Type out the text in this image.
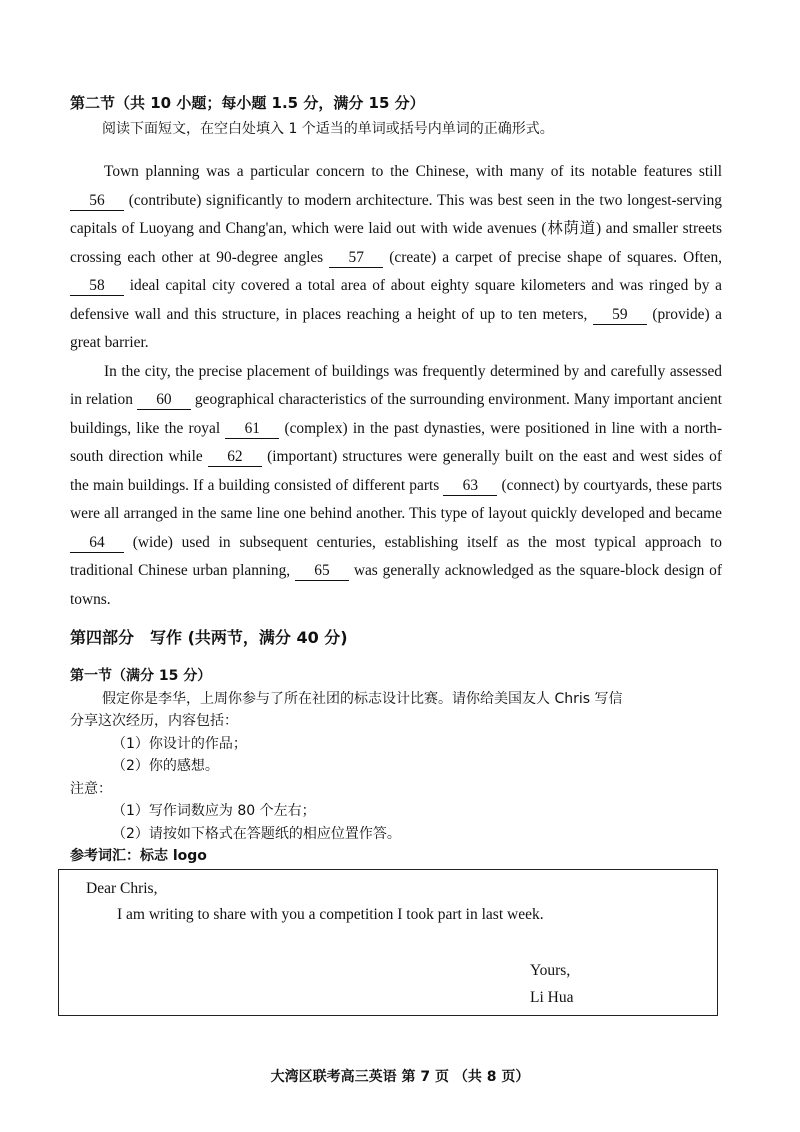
第二节（共 10 小题；每小题 1.5 分，满分 15 分）
阅读下面短文，在空白处填入 1 个适当的单词或括号内单词的正确形式。

Town planning was a particular concern to the Chinese, with many of its notable features still 56 (contribute) significantly to modern architecture. This was best seen in the two longest-serving capitals of Luoyang and Chang'an, which were laid out with wide avenues (林荫道) and smaller streets crossing each other at 90-degree angles 57 (create) a carpet of precise shape of squares. Often, 58 ideal capital city covered a total area of about eighty square kilometers and was ringed by a defensive wall and this structure, in places reaching a height of up to ten meters, 59 (provide) a great barrier.

In the city, the precise placement of buildings was frequently determined by and carefully assessed in relation 60 geographical characteristics of the surrounding environment. Many important ancient buildings, like the royal 61 (complex) in the past dynasties, were positioned in line with a north-south direction while 62 (important) structures were generally built on the east and west sides of the main buildings. If a building consisted of different parts 63 (connect) by courtyards, these parts were all arranged in the same line one behind another. This type of layout quickly developed and became 64 (wide) used in subsequent centuries, establishing itself as the most typical approach to traditional Chinese urban planning, 65 was generally acknowledged as the square-block design of towns.

第四部分　写作 (共两节，满分 40 分)
第一节（满分 15 分）
假定你是李华，上周你参与了所在社团的标志设计比赛。请你给美国友人 Chris 写信
分享这次经历，内容包括：
（1）你设计的作品；
（2）你的感想。
注意：
（1）写作词数应为 80 个左右；
（2）请按如下格式在答题纸的相应位置作答。
参考词汇：标志 logo
Dear Chris,
I am writing to share with you a competition I took part in last week.
Yours,
Li Hua
大湾区联考高三英语 第 7 页 （共 8 页）
